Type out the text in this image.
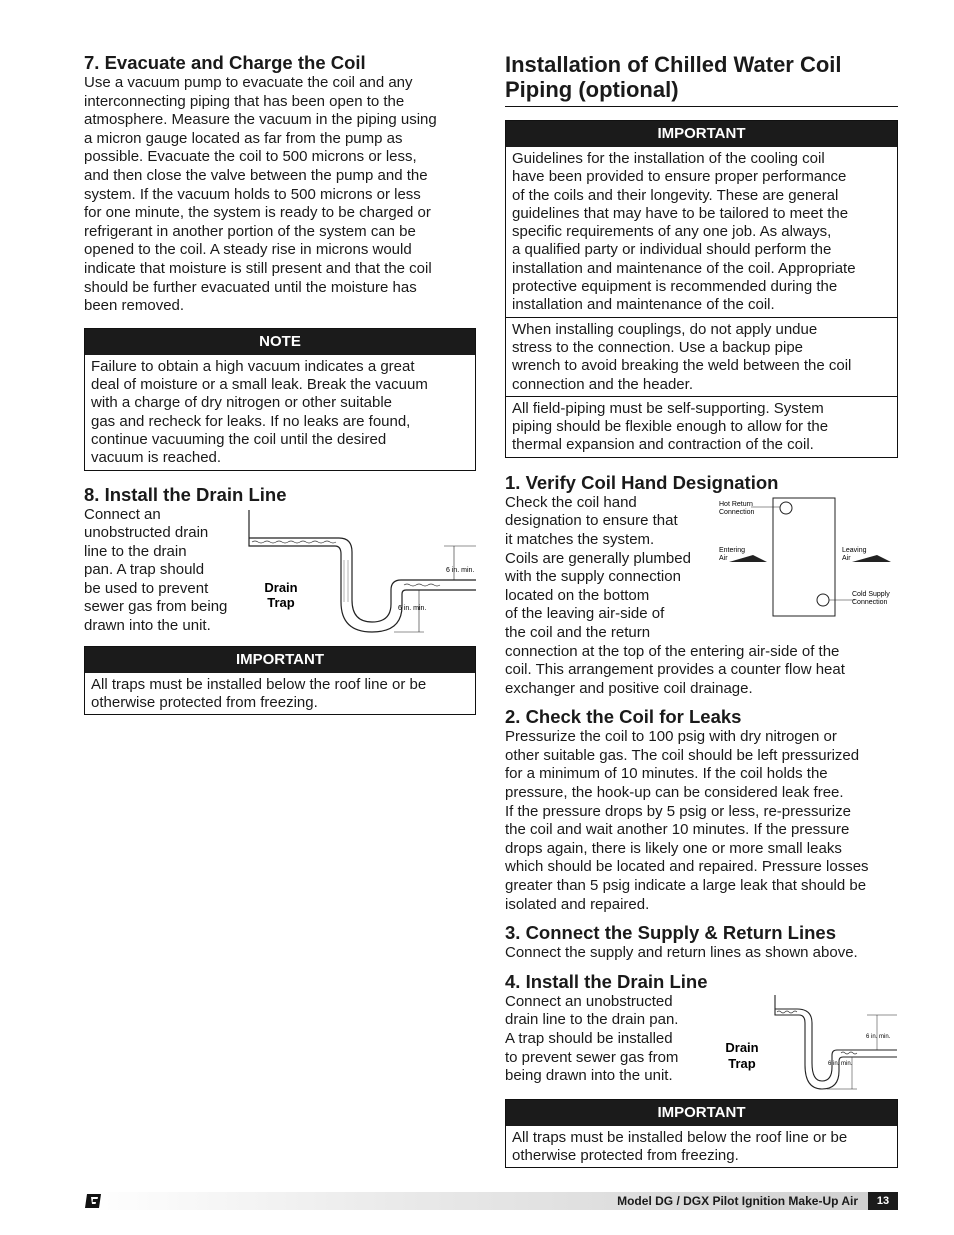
7. Evacuate and Charge the Coil

Use a vacuum pump to evacuate the coil and any
interconnecting piping that has been open to the
atmosphere. Measure the vacuum in the piping using
a micron gauge located as far from the pump as
possible. Evacuate the coil to 500 microns or less,
and then close the valve between the pump and the
system. If the vacuum holds to 500 microns or less
for one minute, the system is ready to be charged or
refrigerant in another portion of the system can be
opened to the coil. A steady rise in microns would
indicate that moisture is still present and that the coil
should be further evacuated until the moisture has
been removed.

NOTE
Failure to obtain a high vacuum indicates a great
deal of moisture or a small leak. Break the vacuum
with a charge of dry nitrogen or other suitable
gas and recheck for leaks. If no leaks are found,
continue vacuuming the coil until the desired
vacuum is reached.
8. Install the Drain Line

Connect an
unobstructed drain
line to the drain
pan. A trap should
be used to prevent
sewer gas from being
drawn into the unit.

6 in. min.
6 in. min.
Drain
Trap
IMPORTANT
All traps must be installed below the roof line or be
otherwise protected from freezing.
Installation of Chilled Water Coil
Piping (optional)
IMPORTANT
Guidelines for the installation of the cooling coil
have been provided to ensure proper performance
of the coils and their longevity. These are general
guidelines that may have to be tailored to meet the
specific requirements of any one job. As always,
a qualified party or individual should perform the
installation and maintenance of the coil. Appropriate
protective equipment is recommended during the
installation and maintenance of the coil.
When installing couplings, do not apply undue
stress to the connection. Use a backup pipe
wrench to avoid breaking the weld between the coil
connection and the header.
All field-piping must be self-supporting. System
piping should be flexible enough to allow for the
thermal expansion and contraction of the coil.
1. Verify Coil Hand Designation

Check the coil hand
designation to ensure that
it matches the system.
Coils are generally plumbed
with the supply connection
located on the bottom
of the leaving air-side of
the coil and the return

Hot Return
Connection
Entering
Air
Leaving
Air
Cold Supply
Connection

connection at the top of the entering air-side of the
coil. This arrangement provides a counter flow heat
exchanger and positive coil drainage.

2. Check the Coil for Leaks

Pressurize the coil to 100 psig with dry nitrogen or
other suitable gas. The coil should be left pressurized
for a minimum of 10 minutes. If the coil holds the
pressure, the hook-up can be considered leak free.
If the pressure drops by 5 psig or less, re-pressurize
the coil and wait another 10 minutes. If the pressure
drops again, there is likely one or more small leaks
which should be located and repaired. Pressure losses
greater than 5 psig indicate a large leak that should be
isolated and repaired.

3. Connect the Supply & Return Lines

Connect the supply and return lines as shown above.

4. Install the Drain Line

Connect an unobstructed
drain line to the drain pan.
A trap should be installed
to prevent sewer gas from
being drawn into the unit.

6 in. min.
6 in. min.
Drain
Trap
IMPORTANT
All traps must be installed below the roof line or be
otherwise protected from freezing.
Model DG / DGX Pilot Ignition Make-Up Air	13
